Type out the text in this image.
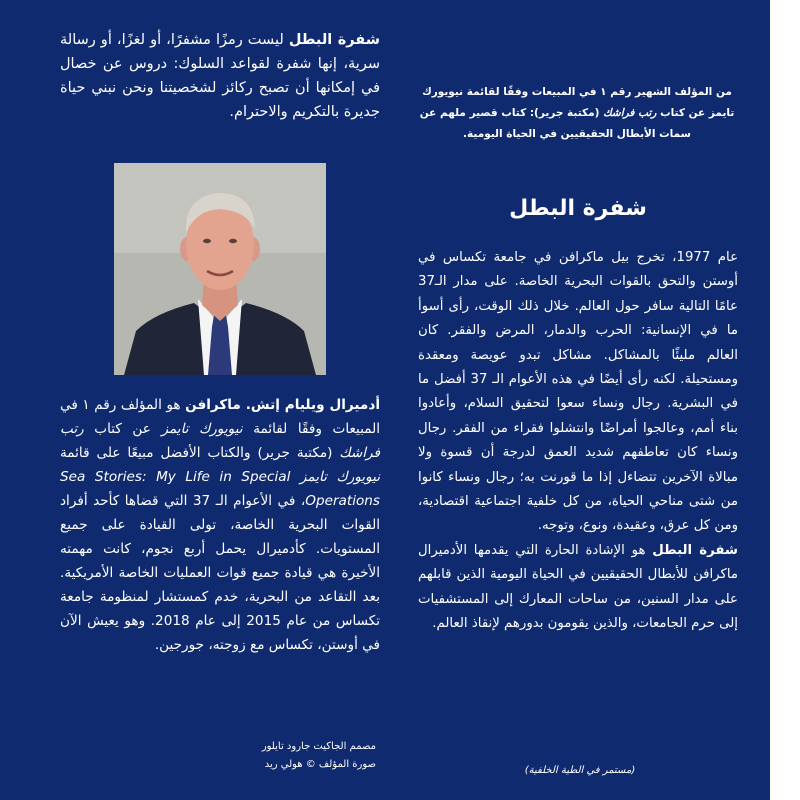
شفرة البطل ليست رمزًا مشفرًا، أو لغزًا، أو رسالة سرية، إنها شفرة لقواعد السلوك: دروس عن خصال في إمكانها أن تصبح ركائز لشخصيتنا ونحن نبني حياة جديرة بالتكريم والاحترام.

أدميرال ويليام إتش. ماكرافن هو المؤلف رقم ١ في المبيعات وفقًا لقائمة نيويورك تايمز عن كتاب رتب فراشك (مكتبة جرير) والكتاب الأفضل مبيعًا على قائمة نيويورك تايمز Sea Stories: My Life in Special Operations، في الأعوام الـ 37 التي قضاها كأحد أفراد القوات البحرية الخاصة، تولى القيادة على جميع المستويات. كأدميرال يحمل أربع نجوم، كانت مهمته الأخيرة هي قيادة جميع قوات العمليات الخاصة الأمريكية. بعد التقاعد من البحرية، خدم كمستشار لمنظومة جامعة تكساس من عام 2015 إلى عام 2018. وهو يعيش الآن في أوستن، تكساس مع زوجته، جورجين.

مصمم الجاكيت جارود تايلور
صورة المؤلف © هولي ريد

من المؤلف الشهير رقم ١ في المبيعات وفقًا لقائمة نيويورك تايمز عن كتاب رتب فراشك (مكتبة جرير): كتاب قصير ملهم عن سمات الأبطال الحقيقيين في الحياة اليومية.

شفرة البطل

عام 1977، تخرج بيل ماكرافن في جامعة تكساس في أوستن والتحق بالقوات البحرية الخاصة. على مدار الـ37 عامًا التالية سافر حول العالم. خلال ذلك الوقت، رأى أسوأ ما في الإنسانية: الحرب والدمار، المرض والفقر. كان العالم مليئًا بالمشاكل. مشاكل تبدو عويصة ومعقدة ومستحيلة. لكنه رأى أيضًا في هذه الأعوام الـ 37 أفضل ما في البشرية. رجال ونساء سعوا لتحقيق السلام، وأعادوا بناء أمم، وعالجوا أمراضًا وانتشلوا فقراء من الفقر. رجال ونساء كان تعاطفهم شديد العمق لدرجة أن قسوة ولا مبالاة الآخرين تتضاءل إذا ما قورنت به؛ رجال ونساء كانوا من شتى مناحي الحياة، من كل خلفية اجتماعية اقتصادية، ومن كل عرق، وعقيدة، ونوع، وتوجه.

شفرة البطل هو الإشادة الحارة التي يقدمها الأدميرال ماكرافن للأبطال الحقيقيين في الحياة اليومية الذين قابلهم على مدار السنين، من ساحات المعارك إلى المستشفيات إلى حرم الجامعات، والذين يقومون بدورهم لإنقاذ العالم.

(مستمر في الطية الخلفية)
